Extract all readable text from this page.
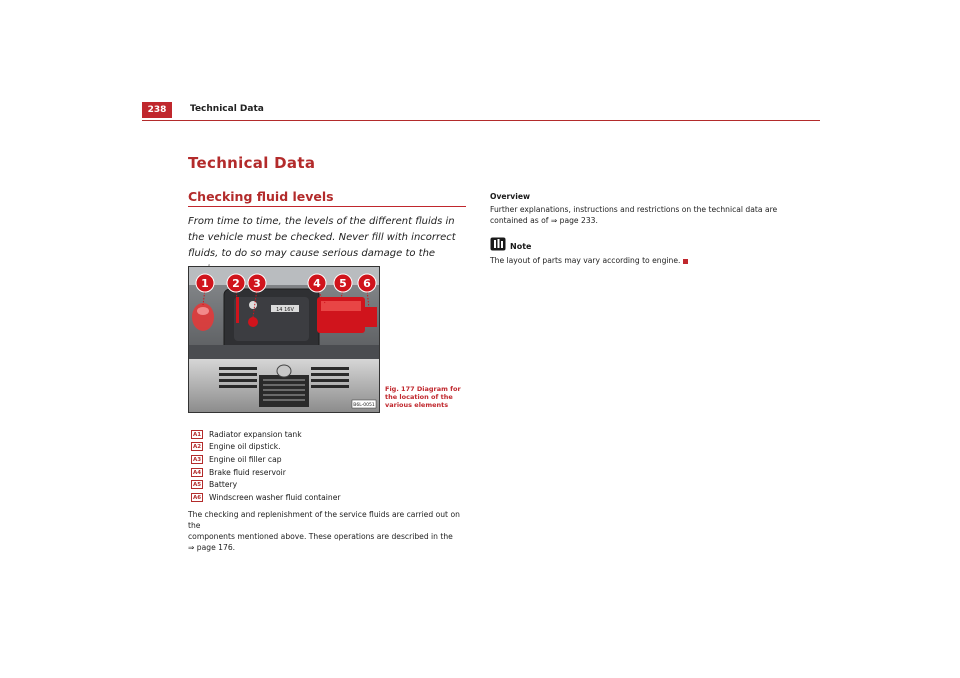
238	Technical Data
Technical Data
Checking fluid levels
From time to time, the levels of the different fluids in the vehicle must be checked. Never fill with incorrect fluids, to do so may cause serious damage to the
14 16V
B6L-0051
1 2 3	4 5 6
Fig. 177 Diagram for the location of the various elements
A1 Radiator expansion tank
A2 Engine oil dipstick.
A3 Engine oil filler cap
A4 Brake fluid reservoir
A5 Battery
A6 Windscreen washer fluid container
The checking and replenishment of the service fluids are carried out on the
components mentioned above. These operations are described in the
⇒ page 176.
Overview
Further explanations, instructions and restrictions on the technical data are
contained as of ⇒ page 233.
Note
The layout of parts may vary according to engine.
